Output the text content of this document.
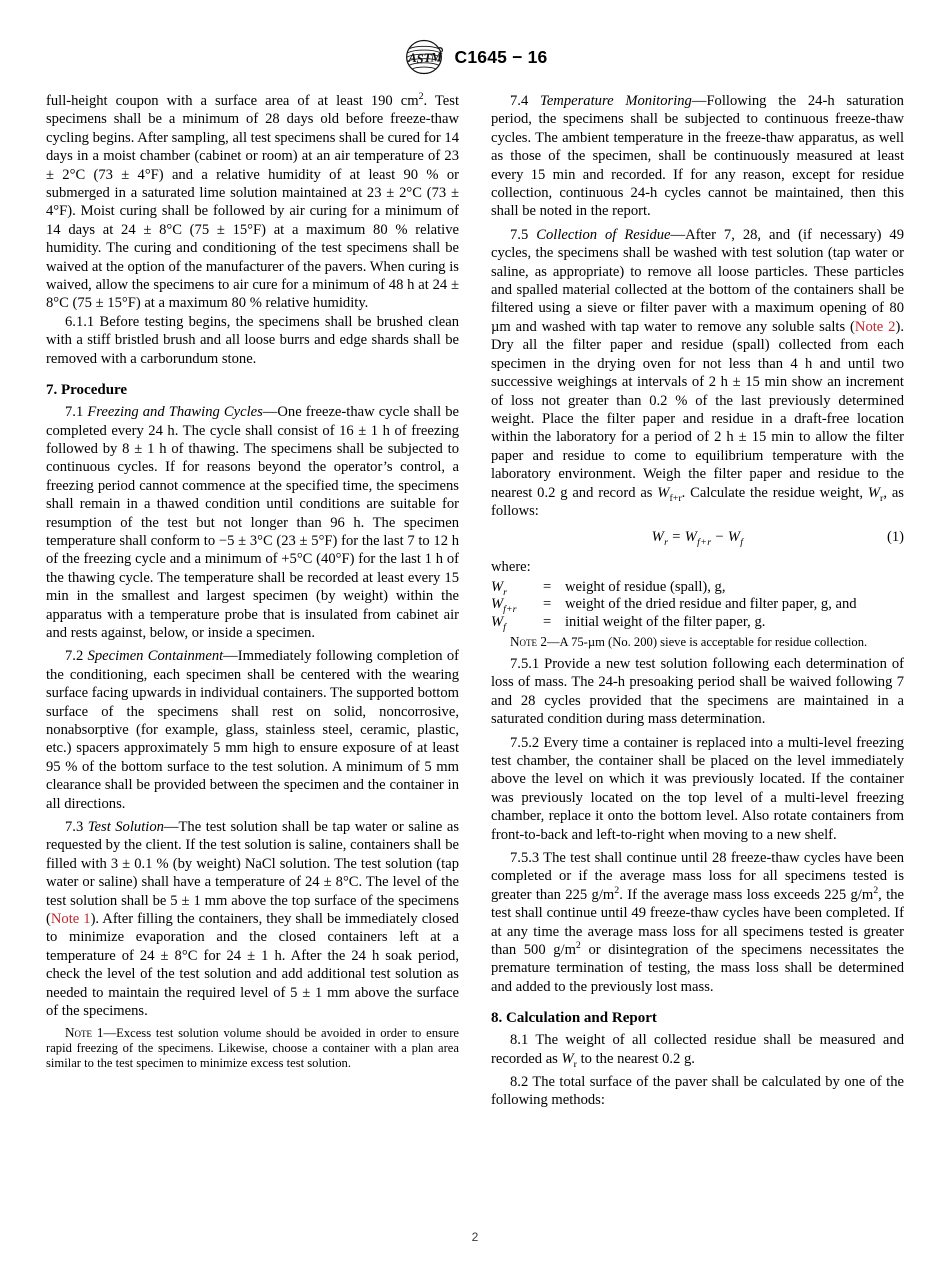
A S T M C1645 − 16

full-height coupon with a surface area of at least 190 $cm^2$. Test specimens shall be a minimum of 28 days old before freeze-thaw cycling begins. After sampling, all test specimens shall be cured for 14 days in a moist chamber (cabinet or room) at an air temperature of 23 ± 2°C (73 ± 4°F) and a relative humidity of at least 90 % or submerged in a saturated lime solution maintained at 23 ± 2°C (73 ± 4°F). Moist curing shall be followed by air curing for a minimum of 14 days at 24 ± 8°C (75 ± 15°F) at a maximum 80 % relative humidity. The curing and conditioning of the test specimens shall be waived at the option of the manufacturer of the pavers. When curing is waived, allow the specimens to air cure for a minimum of 48 h at 24 ± 8°C (75 ± 15°F) at a maximum 80 % relative humidity.

6.1.1 Before testing begins, the specimens shall be brushed clean with a stiff bristled brush and all loose burrs and edge shards shall be removed with a carborundum stone.

7. Procedure

7.1 Freezing and Thawing Cycles—One freeze-thaw cycle shall be completed every 24 h. The cycle shall consist of 16 ± 1 h of freezing followed by 8 ± 1 h of thawing. The specimens shall be subjected to continuous cycles. If for reasons beyond the operator’s control, a freezing period cannot commence at the specified time, the specimens shall remain in a thawed condition until conditions are suitable for resumption of the test but not longer than 96 h. The specimen temperature shall conform to −5 ± 3°C (23 ± 5°F) for the last 7 to 12 h of the freezing cycle and a minimum of +5°C (40°F) for the last 1 h of the thawing cycle. The temperature shall be recorded at least every 15 min in the smallest and largest specimen (by weight) within the apparatus with a temperature probe that is insulated from cabinet air and rests against, below, or inside a specimen.

7.2 Specimen Containment—Immediately following completion of the conditioning, each specimen shall be centered with the wearing surface facing upwards in individual containers. The supported bottom surface of the specimens shall rest on solid, noncorrosive, nonabsorptive (for example, glass, stainless steel, ceramic, plastic, etc.) spacers approximately 5 mm high to ensure exposure of at least 95 % of the bottom surface to the test solution. A minimum of 5 mm clearance shall be provided between the specimen and the container in all directions.

7.3 Test Solution—The test solution shall be tap water or saline as requested by the client. If the test solution is saline, containers shall be filled with 3 ± 0.1 % (by weight) NaCl solution. The test solution (tap water or saline) shall have a temperature of 24 ± 8°C. The level of the test solution shall be 5 ± 1 mm above the top surface of the specimens (Note 1). After filling the containers, they shall be immediately closed to minimize evaporation and the closed containers left at a temperature of 24 ± 8°C for 24 ± 1 h. After the 24 h soak period, check the level of the test solution and add additional test solution as needed to maintain the required level of 5 ± 1 mm above the surface of the specimens.

Note 1—Excess test solution volume should be avoided in order to ensure rapid freezing of the specimens. Likewise, choose a container with a plan area similar to the test specimen to minimize excess test solution.

7.4 Temperature Monitoring—Following the 24-h saturation period, the specimens shall be subjected to continuous freeze-thaw cycles. The ambient temperature in the freeze-thaw apparatus, as well as those of the specimen, shall be continuously measured at least every 15 min and recorded. If for any reason, except for residue collection, continuous 24-h cycles cannot be maintained, then this shall be noted in the report.

7.5 Collection of Residue—After 7, 28, and (if necessary) 49 cycles, the specimens shall be washed with test solution (tap water or saline, as appropriate) to remove all loose particles. These particles and spalled material collected at the bottom of the containers shall be filtered using a sieve or filter paver with a maximum opening of 80 µm and washed with tap water to remove any soluble salts (Note 2). Dry all the filter paper and residue (spall) collected from each specimen in the drying oven for not less than 4 h and until two successive weighings at intervals of 2 h ± 15 min show an increment of loss not greater than 0.2 % of the last previously determined weight. Place the filter paper and residue in a draft-free location within the laboratory for a period of 2 h ± 15 min to allow the filter paper and residue to come to equilibrium temperature with the laboratory environment. Weigh the filter paper and residue to the nearest 0.2 g and record as $W_{f+r}$. Calculate the residue weight, $W_r$, as follows:

$W_r = W_{f+r} - W_f$	(1)

where:

$W_r$	=	weight of residue (spall), g,
$W_{f+r}$	=	weight of the dried residue and filter paper, g, and
$W_f$	=	initial weight of the filter paper, g.

Note 2—A 75-µm (No. 200) sieve is acceptable for residue collection.

7.5.1 Provide a new test solution following each determination of loss of mass. The 24-h presoaking period shall be waived following 7 and 28 cycles provided that the specimens are maintained in a saturated condition during mass determination.

7.5.2 Every time a container is replaced into a multi-level freezing test chamber, the container shall be placed on the level immediately above the level on which it was previously located. If the container was previously located on the top level of a multi-level freezing chamber, replace it onto the bottom level. Also rotate containers from front-to-back and left-to-right when moving to a new shelf.

7.5.3 The test shall continue until 28 freeze-thaw cycles have been completed or if the average mass loss for all specimens tested is greater than 225 $g/m^2$. If the average mass loss exceeds 225 $g/m^2$, the test shall continue until 49 freeze-thaw cycles have been completed. If at any time the average mass loss for all specimens tested is greater than 500 $g/m^2$ or disintegration of the specimens necessitates the premature termination of testing, the mass loss shall be determined and added to the previously lost mass.

8. Calculation and Report

8.1 The weight of all collected residue shall be measured and recorded as $W_r$ to the nearest 0.2 g.

8.2 The total surface of the paver shall be calculated by one of the following methods:

2
